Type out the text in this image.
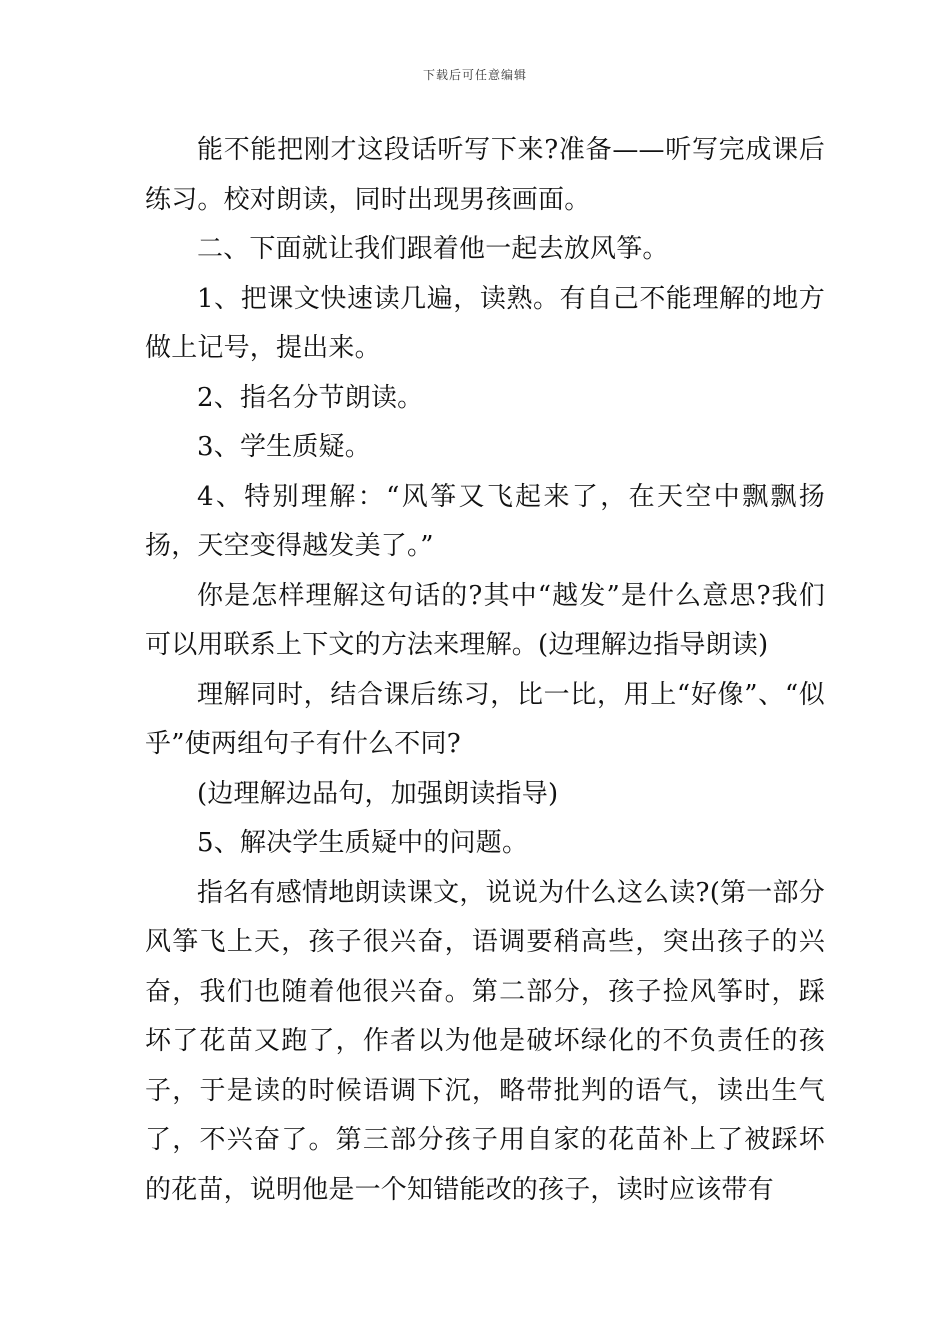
下载后可任意编辑

能不能把刚才这段话听写下来?准备——听写完成课后练习。校对朗读，同时出现男孩画面。

二、下面就让我们跟着他一起去放风筝。

1、把课文快速读几遍，读熟。有自己不能理解的地方做上记号，提出来。

2、指名分节朗读。

3、学生质疑。

4、特别理解：“风筝又飞起来了，在天空中飘飘扬扬，天空变得越发美了。”

你是怎样理解这句话的?其中“越发”是什么意思?我们可以用联系上下文的方法来理解。(边理解边指导朗读)

理解同时，结合课后练习，比一比，用上“好像”、“似乎”使两组句子有什么不同?

(边理解边品句，加强朗读指导)

5、解决学生质疑中的问题。

指名有感情地朗读课文，说说为什么这么读?(第一部分风筝飞上天，孩子很兴奋，语调要稍高些，突出孩子的兴奋，我们也随着他很兴奋。第二部分，孩子捡风筝时，踩坏了花苗又跑了，作者以为他是破坏绿化的不负责任的孩子，于是读的时候语调下沉，略带批判的语气，读出生气了，不兴奋了。第三部分孩子用自家的花苗补上了被踩坏的花苗，说明他是一个知错能改的孩子，读时应该带有
